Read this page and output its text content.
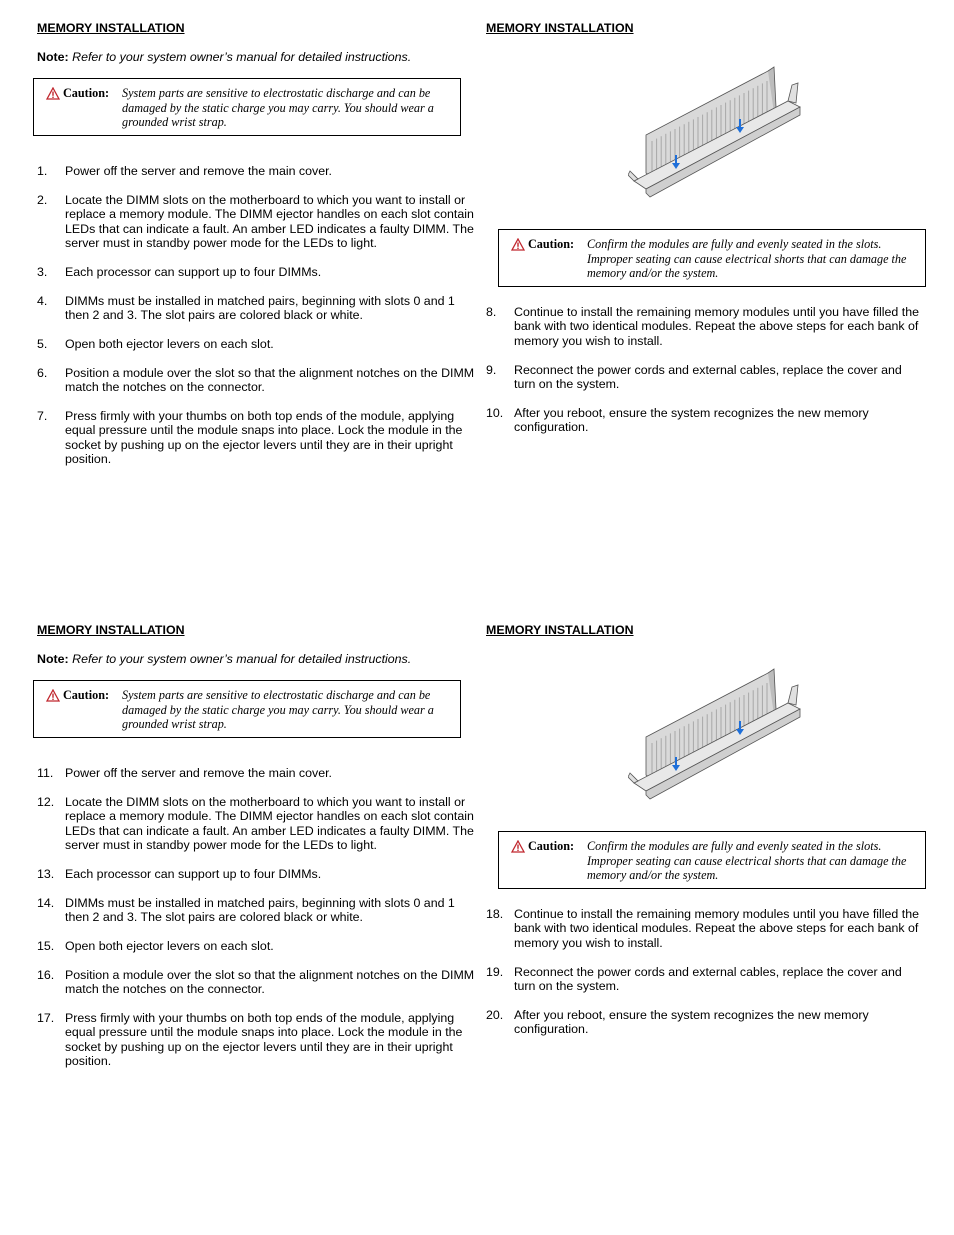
MEMORY INSTALLATION
Note: Refer to your system owner’s manual for detailed instructions.
Caution: System parts are sensitive to electrostatic discharge and can be damaged by the static charge you may carry. You should wear a grounded wrist strap.
1. Power off the server and remove the main cover.
2. Locate the DIMM slots on the motherboard to which you want to install or replace a memory module. The DIMM ejector handles on each slot contain LEDs that can indicate a fault. An amber LED indicates a faulty DIMM. The server must in standby power mode for the LEDs to light.
3. Each processor can support up to four DIMMs.
4. DIMMs must be installed in matched pairs, beginning with slots 0 and 1 then 2 and 3. The slot pairs are colored black or white.
5. Open both ejector levers on each slot.
6. Position a module over the slot so that the alignment notches on the DIMM match the notches on the connector.
7. Press firmly with your thumbs on both top ends of the module, applying equal pressure until the module snaps into place. Lock the module in the socket by pushing up on the ejector levers until they are in their upright position.
MEMORY INSTALLATION
Caution: Confirm the modules are fully and evenly seated in the slots. Improper seating can cause electrical shorts that can damage the memory and/or the system.
8. Continue to install the remaining memory modules until you have filled the bank with two identical modules. Repeat the above steps for each bank of memory you wish to install.
9. Reconnect the power cords and external cables, replace the cover and turn on the system.
10. After you reboot, ensure the system recognizes the new memory configuration.
MEMORY INSTALLATION
Note: Refer to your system owner’s manual for detailed instructions.
Caution: System parts are sensitive to electrostatic discharge and can be damaged by the static charge you may carry. You should wear a grounded wrist strap.
11. Power off the server and remove the main cover.
12. Locate the DIMM slots on the motherboard to which you want to install or replace a memory module. The DIMM ejector handles on each slot contain LEDs that can indicate a fault. An amber LED indicates a faulty DIMM. The server must in standby power mode for the LEDs to light.
13. Each processor can support up to four DIMMs.
14. DIMMs must be installed in matched pairs, beginning with slots 0 and 1 then 2 and 3. The slot pairs are colored black or white.
15. Open both ejector levers on each slot.
16. Position a module over the slot so that the alignment notches on the DIMM match the notches on the connector.
17. Press firmly with your thumbs on both top ends of the module, applying equal pressure until the module snaps into place. Lock the module in the socket by pushing up on the ejector levers until they are in their upright position.
MEMORY INSTALLATION
Caution: Confirm the modules are fully and evenly seated in the slots. Improper seating can cause electrical shorts that can damage the memory and/or the system.
18. Continue to install the remaining memory modules until you have filled the bank with two identical modules. Repeat the above steps for each bank of memory you wish to install.
19. Reconnect the power cords and external cables, replace the cover and turn on the system.
20. After you reboot, ensure the system recognizes the new memory configuration.
